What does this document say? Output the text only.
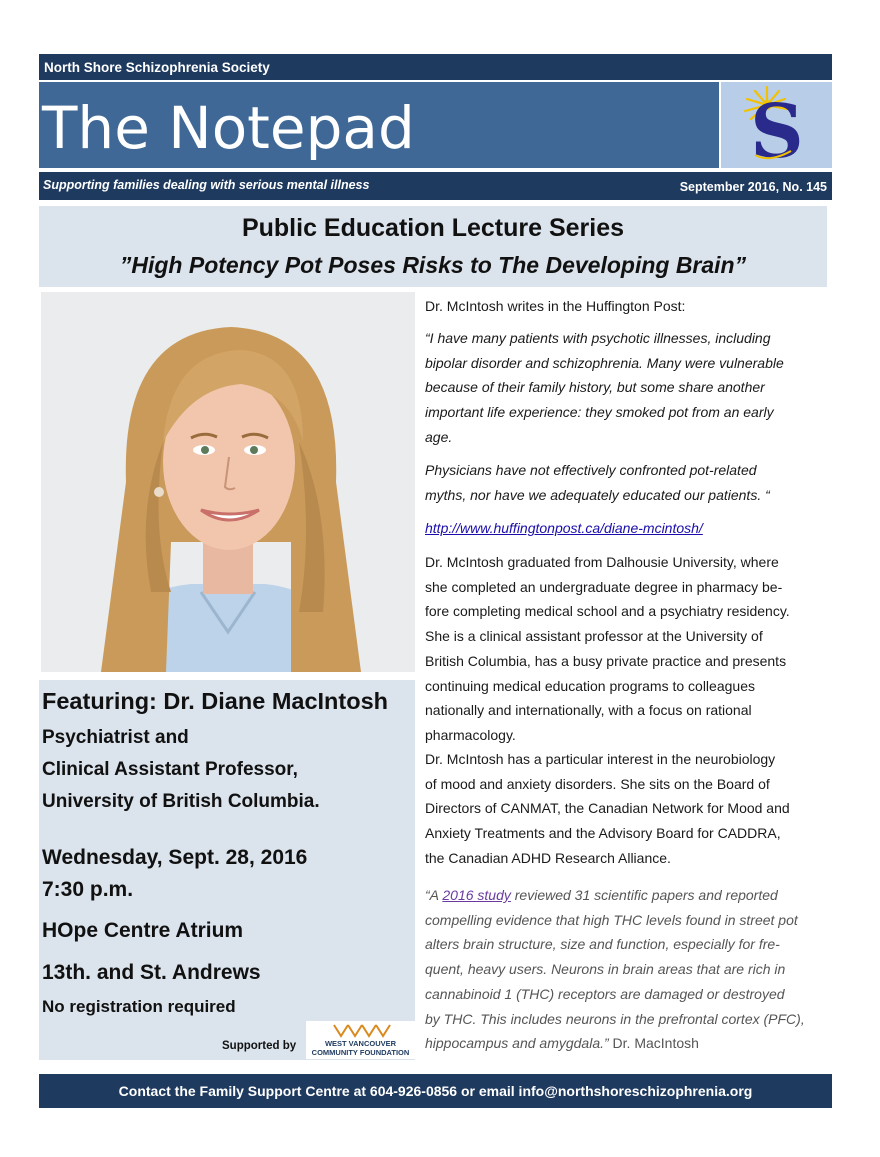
North Shore Schizophrenia Society
The Notepad	S
Supporting families dealing with serious mental illness	September 2016, No. 145
Public Education Lecture Series
”High Potency Pot Poses Risks to The Developing Brain”
Featuring: Dr. Diane MacIntosh
Psychiatrist and
Clinical Assistant Professor,
University of British Columbia.
Wednesday, Sept. 28, 2016
7:30 p.m.
HOpe Centre Atrium
13th. and St. Andrews
No registration required
Supported by	WEST VANCOUVER
COMMUNITY FOUNDATION
Dr. McIntosh writes in the Huffington Post:
“I have many patients with psychotic illnesses, including
bipolar disorder and schizophrenia. Many were vulnerable
because of their family history, but some share another
important life experience: they smoked pot from an early
age.
Physicians have not effectively confronted pot-related
myths, nor have we adequately educated our patients. “
http://www.huffingtonpost.ca/diane-mcintosh/
Dr. McIntosh graduated from Dalhousie University, where
she completed an undergraduate degree in pharmacy be-
fore completing medical school and a psychiatry residency.
She is a clinical assistant professor at the University of
British Columbia, has a busy private practice and presents
continuing medical education programs to colleagues
nationally and internationally, with a focus on rational
pharmacology.
Dr. McIntosh has a particular interest in the neurobiology
of mood and anxiety disorders. She sits on the Board of
Directors of CANMAT, the Canadian Network for Mood and
Anxiety Treatments and the Advisory Board for CADDRA,
the Canadian ADHD Research Alliance.
“A 2016 study reviewed 31 scientific papers and reported
compelling evidence that high THC levels found in street pot
alters brain structure, size and function, especially for fre-
quent, heavy users. Neurons in brain areas that are rich in
cannabinoid 1 (THC) receptors are damaged or destroyed
by THC. This includes neurons in the prefrontal cortex (PFC),
hippocampus and amygdala.” Dr. MacIntosh
Contact the Family Support Centre at 604-926-0856 or email info@northshoreschizophrenia.org
